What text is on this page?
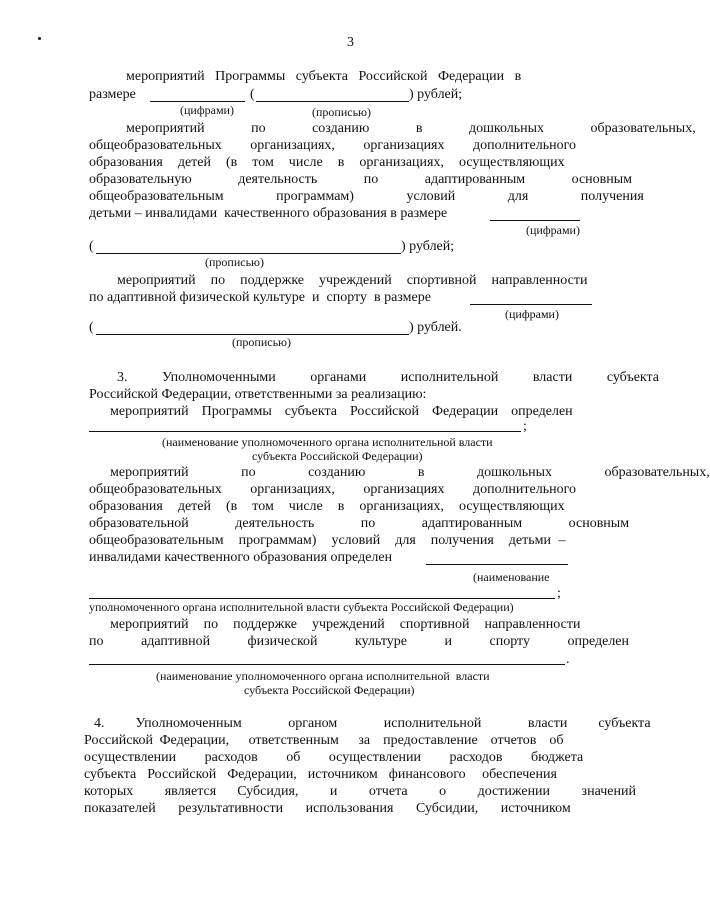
3
мероприятий   Программы   субъекта   Российской   Федерации   в
размере	(	) рублей;
(цифрами)	(прописью)
мероприятий   по   созданию   в   дошкольных   образовательных,
общеобразовательных   организациях,   организациях   дополнительного
образования  детей  (в  том  числе  в  организациях,  осуществляющих
образовательную   деятельность   по   адаптированным   основным
общеобразовательным   программам)   условий   для   получения
детьми – инвалидами  качественного образования в размере
(цифрами)
(	) рублей;
(прописью)
мероприятий  по  поддержке  учреждений  спортивной  направленности
по адаптивной физической культуре  и  спорту  в размере
(цифрами)
(	) рублей.
(прописью)
3.   Уполномоченными   органами   исполнительной   власти   субъекта
Российской Федерации, ответственными за реализацию:
мероприятий  Программы  субъекта  Российской  Федерации  определен
;
(наименование уполномоченного органа исполнительной власти
субъекта Российской Федерации)
мероприятий   по   созданию   в   дошкольных   образовательных,
общеобразовательных   организациях,   организациях   дополнительного
образования  детей  (в  том  числе  в  организациях,  осуществляющих
образовательной   деятельность   по   адаптированным   основным
общеобразовательным  программам)  условий  для  получения  детьми –
инвалидами качественного образования определен
(наименование
;
уполномоченного органа исполнительной власти субъекта Российской Федерации)
мероприятий  по  поддержке  учреждений  спортивной  направленности
по   адаптивной   физической   культуре   и   спорту   определен
.
(наименование уполномоченного органа исполнительной  власти
субъекта Российской Федерации)
4.  Уполномоченным   органом   исполнительной   власти  субъекта
Российской Федерации,   ответственным   за  предоставление  отчетов  об
осуществлении   расходов   об   осуществлении   расходов   бюджета
субъекта  Российской  Федерации,  источником  финансового   обеспечения
которых   является  Субсидия,   и   отчета   о   достижении   значений
показателей   результативности   использования   Субсидии,   источником
